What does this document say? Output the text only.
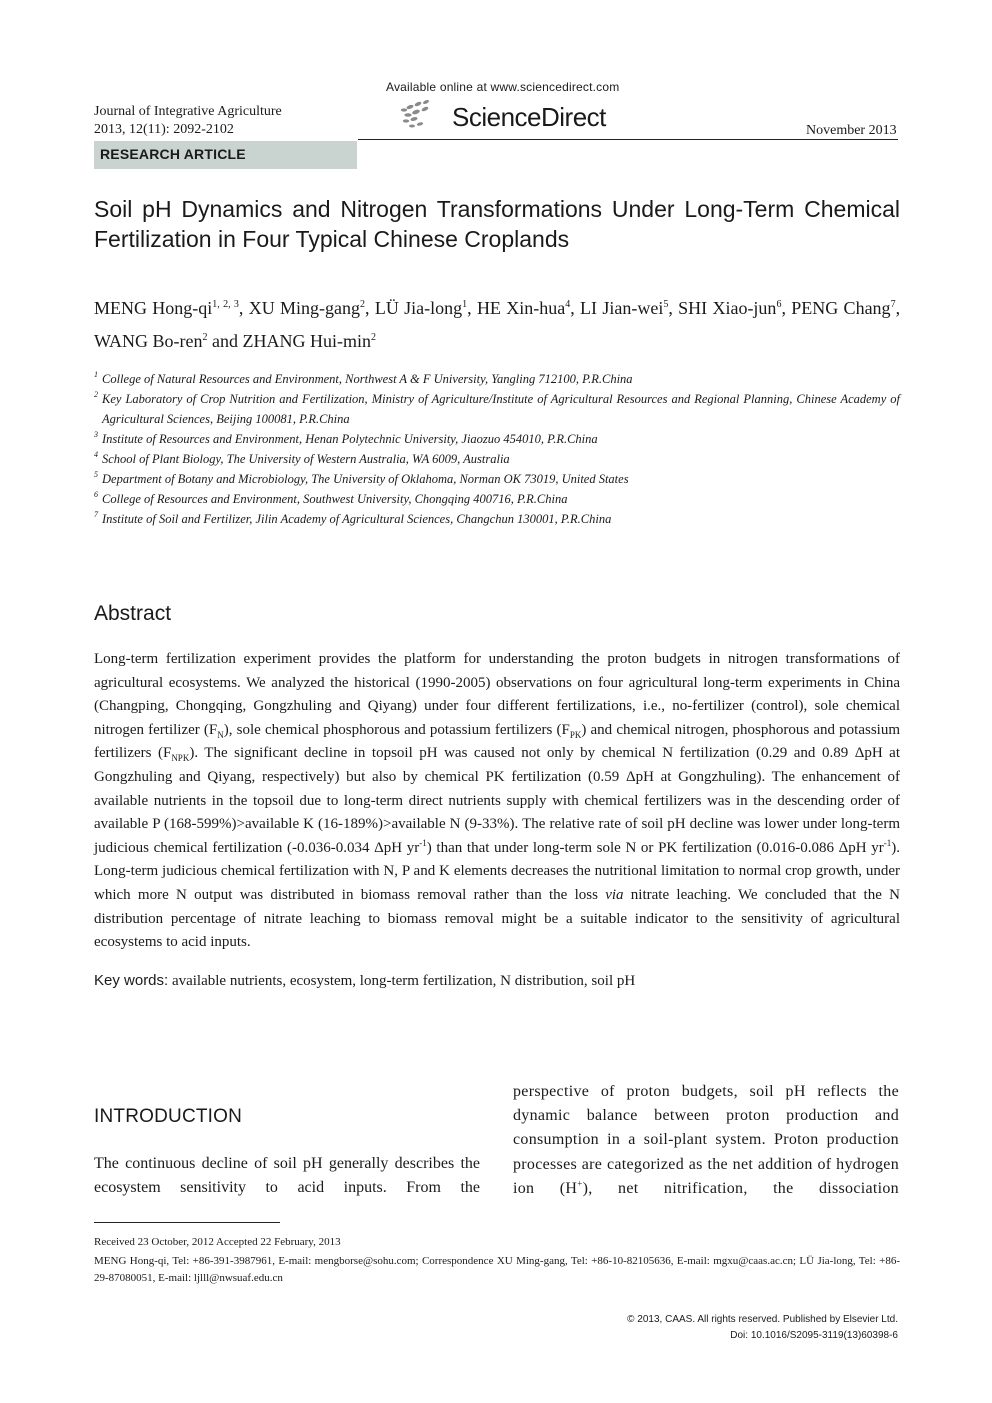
Journal of Integrative Agriculture
2013, 12(11): 2092-2102
Available online at www.sciencedirect.com
ScienceDirect	November 2013
RESEARCH ARTICLE
Soil pH Dynamics and Nitrogen Transformations Under Long-Term Chemical Fertilization in Four Typical Chinese Croplands
MENG Hong-qi$^{1, 2, 3}$, XU Ming-gang$^2$, LÜ Jia-long$^1$, HE Xin-hua$^4$, LI Jian-wei$^5$, SHI Xiao-jun$^6$, PENG Chang$^7$, WANG Bo-ren$^2$ and ZHANG Hui-$\min^2$
1 College of Natural Resources and Environment, Northwest A & F University, Yangling 712100, P.R.China
2 Key Laboratory of Crop Nutrition and Fertilization, Ministry of Agriculture/Institute of Agricultural Resources and Regional Planning, Chinese Academy of Agricultural Sciences, Beijing 100081, P.R.China
3 Institute of Resources and Environment, Henan Polytechnic University, Jiaozuo 454010, P.R.China
4 School of Plant Biology, The University of Western Australia, WA 6009, Australia
5 Department of Botany and Microbiology, The University of Oklahoma, Norman OK 73019, United States
6 College of Resources and Environment, Southwest University, Chongqing 400716, P.R.China
7 Institute of Soil and Fertilizer, Jilin Academy of Agricultural Sciences, Changchun 130001, P.R.China
Abstract
Long-term fertilization experiment provides the platform for understanding the proton budgets in nitrogen transformations of agricultural ecosystems. We analyzed the historical (1990-2005) observations on four agricultural long-term experiments in China (Changping, Chongqing, Gongzhuling and Qiyang) under four different fertilizations, i.e., no-fertilizer (control), sole chemical nitrogen fertilizer $(F_N)$, sole chemical phosphorous and potassium fertilizers $(F_{PK})$ and chemical nitrogen, phosphorous and potassium fertilizers $(F_{NPK})$. The significant decline in topsoil pH was caused not only by chemical N fertilization (0.29 and 0.89 ΔpH at Gongzhuling and Qiyang, respectively) but also by chemical PK fertilization (0.59 ΔpH at Gongzhuling). The enhancement of available nutrients in the topsoil due to long-term direct nutrients supply with chemical fertilizers was in the descending order of available P (168-599%)>available K (16-189%)>available N (9-33%). The relative rate of soil pH decline was lower under long-term judicious chemical fertilization (-0.036-0.034 ΔpH $yr^{-1}$) than that under long-term sole N or PK fertilization (0.016-0.086 ΔpH $yr^{-1}$). Long-term judicious chemical fertilization with N, P and K elements decreases the nutritional limitation to normal crop growth, under which more N output was distributed in biomass removal rather than the loss via nitrate leaching. We concluded that the N distribution percentage of nitrate leaching to biomass removal might be a suitable indicator to the sensitivity of agricultural ecosystems to acid inputs.
Key words: available nutrients, ecosystem, long-term fertilization, N distribution, soil pH
INTRODUCTION
The continuous decline of soil pH generally describes the ecosystem sensitivity to acid inputs. From the
perspective of proton budgets, soil pH reflects the dynamic balance between proton production and consumption in a soil-plant system. Proton production processes are categorized as the net addition of hydrogen ion (H+), net nitrification, the dissociation
Received 23 October, 2012 Accepted 22 February, 2013
MENG Hong-qi, Tel: +86-391-3987961, E-mail: mengborse@sohu.com; Correspondence XU Ming-gang, Tel: +86-10-82105636, E-mail: mgxu@caas.ac.cn; LÜ Jia-long, Tel: +86-29-87080051, E-mail: ljlll@nwsuaf.edu.cn
© 2013, CAAS. All rights reserved. Published by Elsevier Ltd.
Doi: 10.1016/S2095-3119(13)60398-6
